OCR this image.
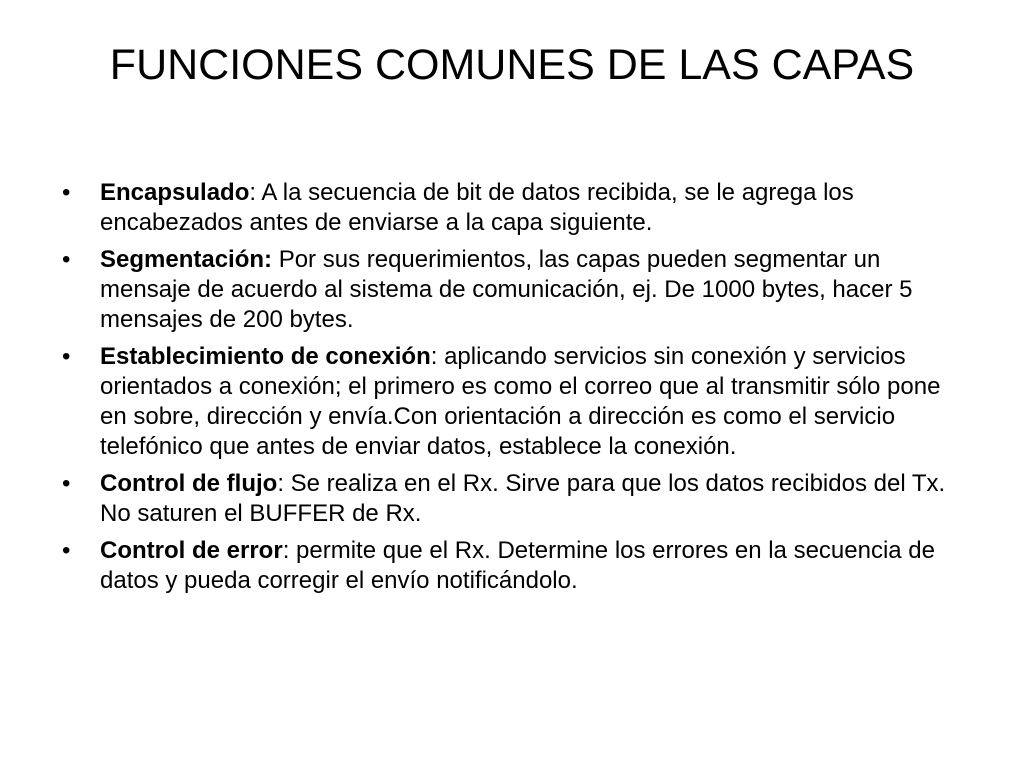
FUNCIONES COMUNES DE LAS CAPAS
•	Encapsulado: A la secuencia de bit de datos recibida, se le agrega los encabezados antes de enviarse a la capa siguiente.
•	Segmentación: Por sus requerimientos, las capas pueden segmentar un mensaje de acuerdo al sistema de comunicación, ej. De 1000 bytes, hacer 5 mensajes de 200 bytes.
•	Establecimiento de conexión: aplicando servicios sin conexión y servicios orientados a conexión; el primero es como el correo que al transmitir sólo pone en sobre, dirección y envía.Con orientación a dirección es como el servicio telefónico que antes de enviar datos, establece la conexión.
•	Control de flujo: Se realiza en el Rx. Sirve para que los datos recibidos del Tx. No saturen el BUFFER de Rx.
•	Control de error: permite que el Rx. Determine los errores en la secuencia de datos y pueda corregir el envío notificándolo.
